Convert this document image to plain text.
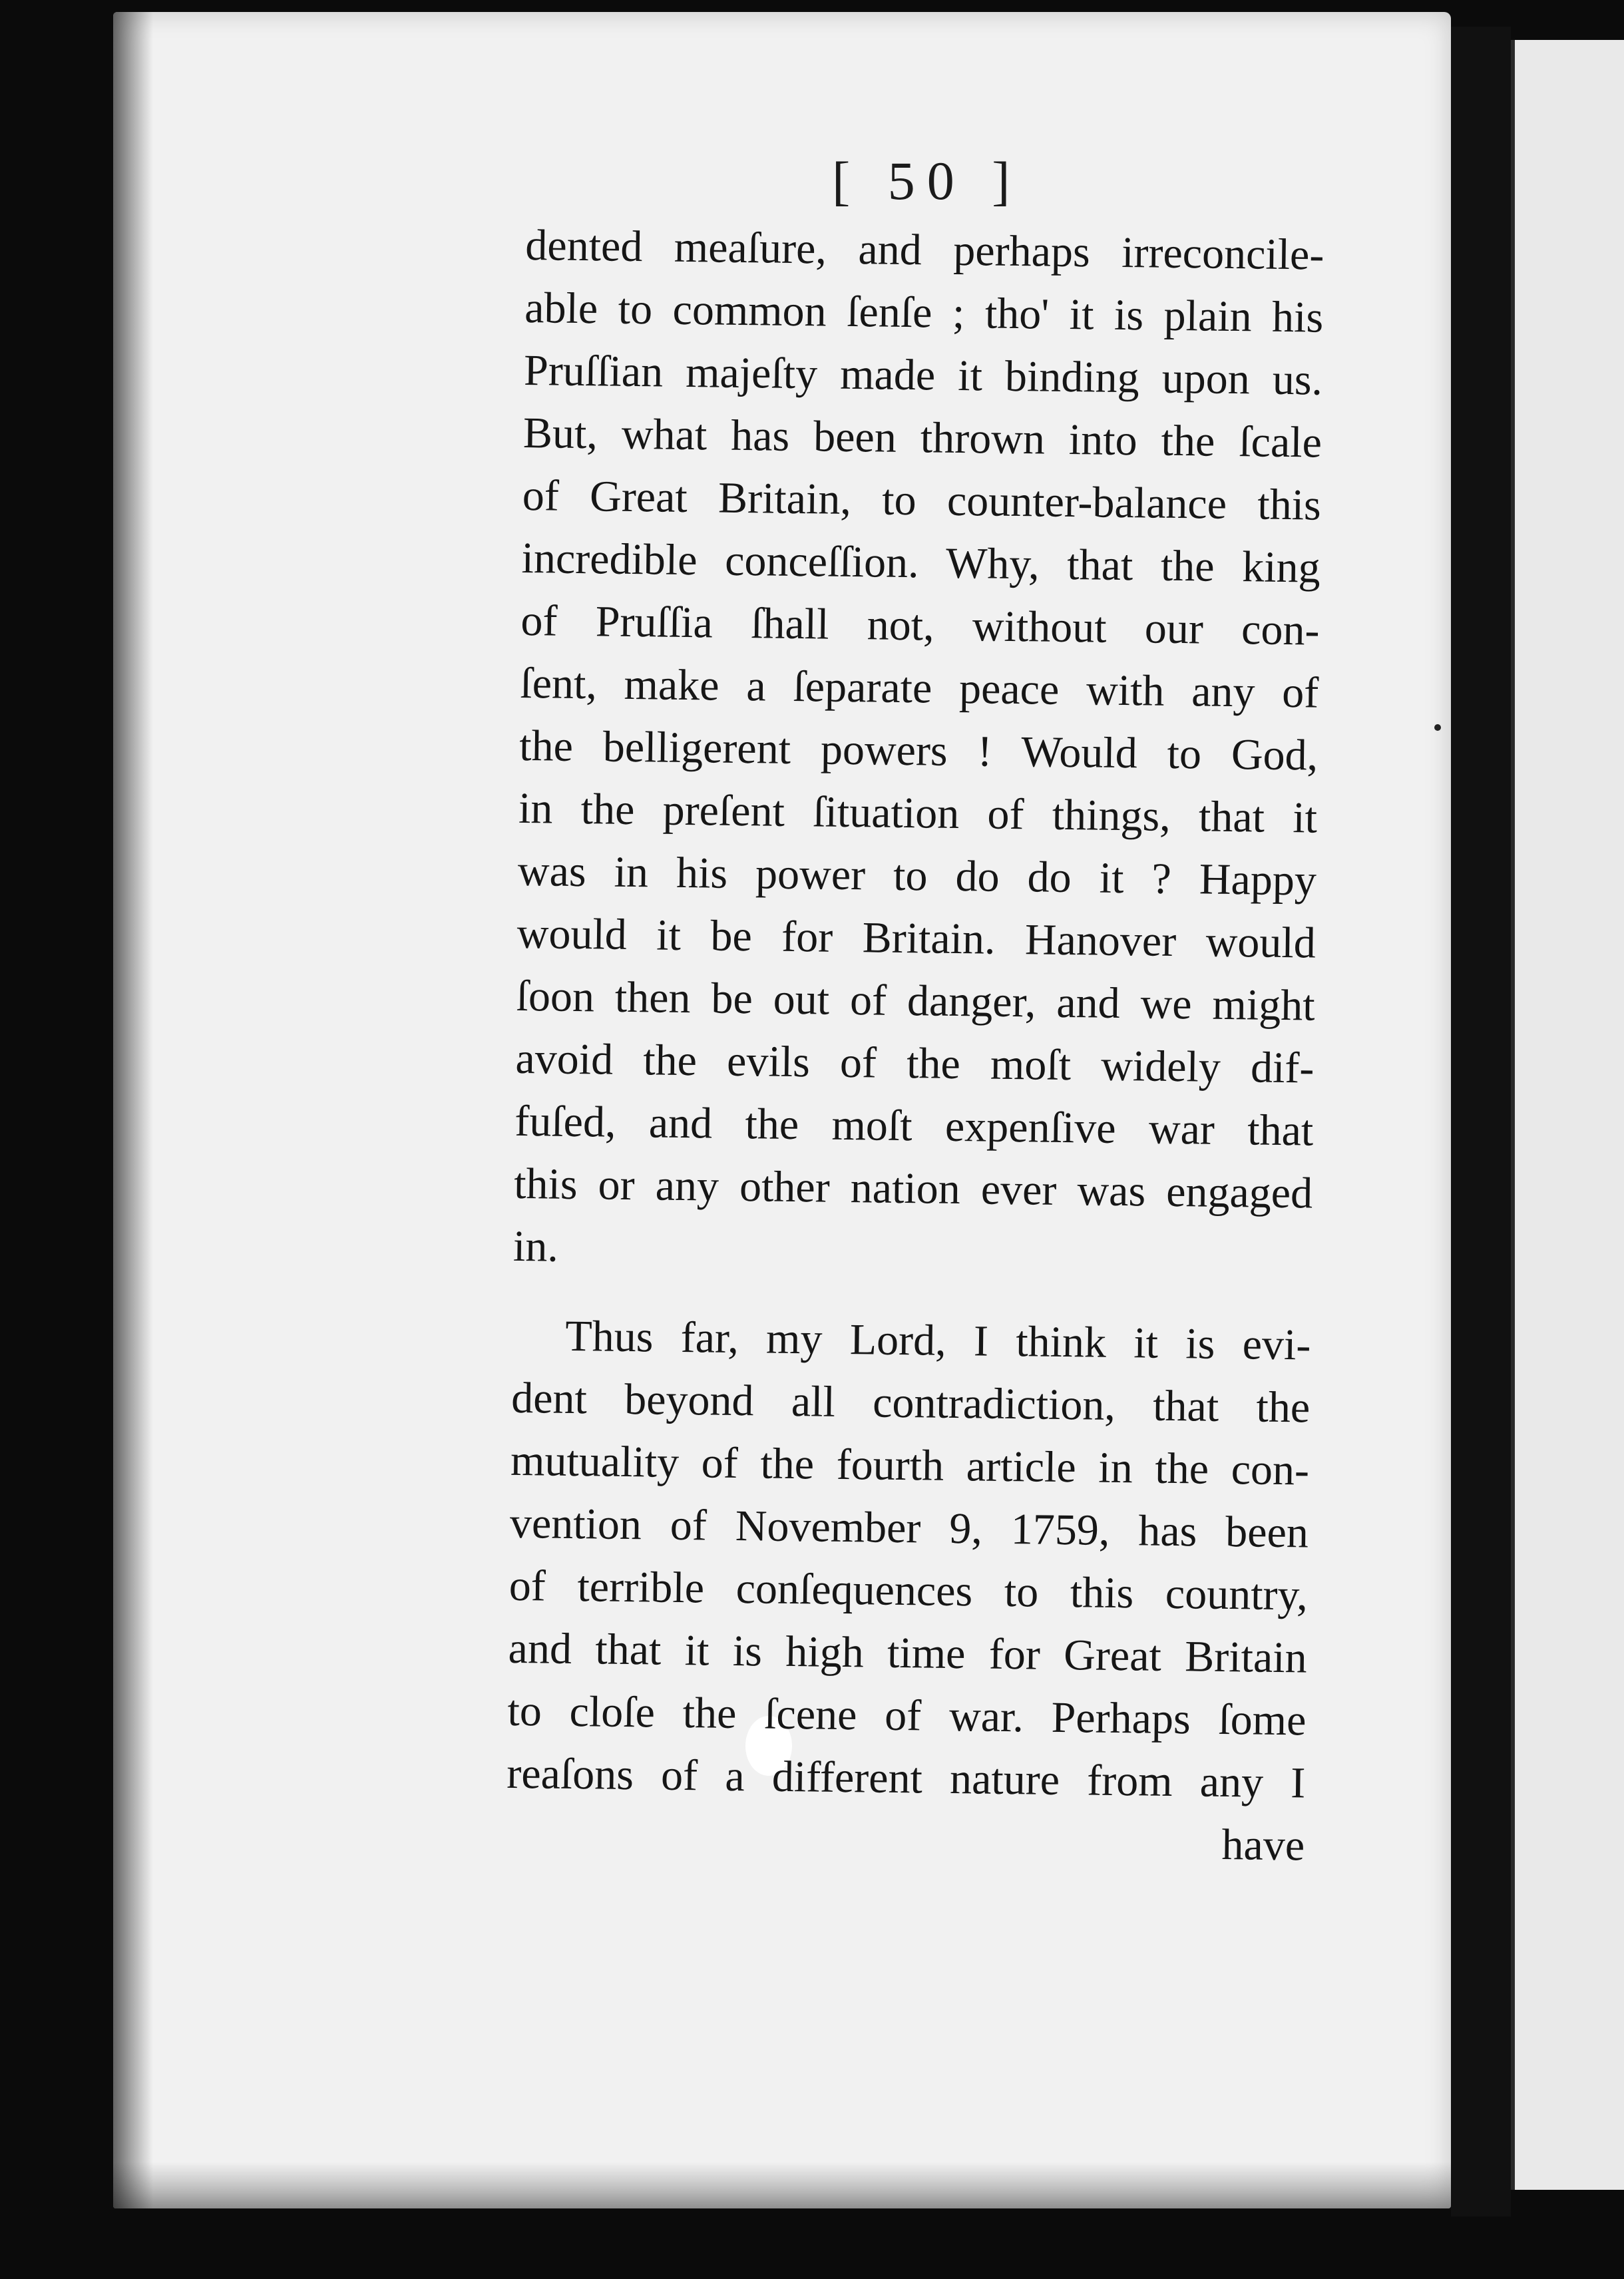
[ 50 ]
dented meaſure, and perhaps irreconcile-
able to common ſenſe ; tho' it is plain his
Pruſſian majeſty made it binding upon us.
But, what has been thrown into the ſcale
of Great Britain, to counter-balance this
incredible conceſſion. Why, that the king
of Pruſſia ſhall not, without our con-
ſent, make a ſeparate peace with any of
the belligerent powers ! Would to God,
in the preſent ſituation of things, that it
was in his power to do do it ? Happy
would it be for Britain. Hanover would
ſoon then be out of danger, and we might
avoid the evils of the moſt widely dif-
fuſed, and the moſt expenſive war that
this or any other nation ever was engaged
in.
Thus far, my Lord, I think it is evi-
dent beyond all contradiction, that the
mutuality of the fourth article in the con-
vention of November 9, 1759, has been
of terrible conſequences to this country,
and that it is high time for Great Britain
to cloſe the ſcene of war. Perhaps ſome
reaſons of a different nature from any I
have
